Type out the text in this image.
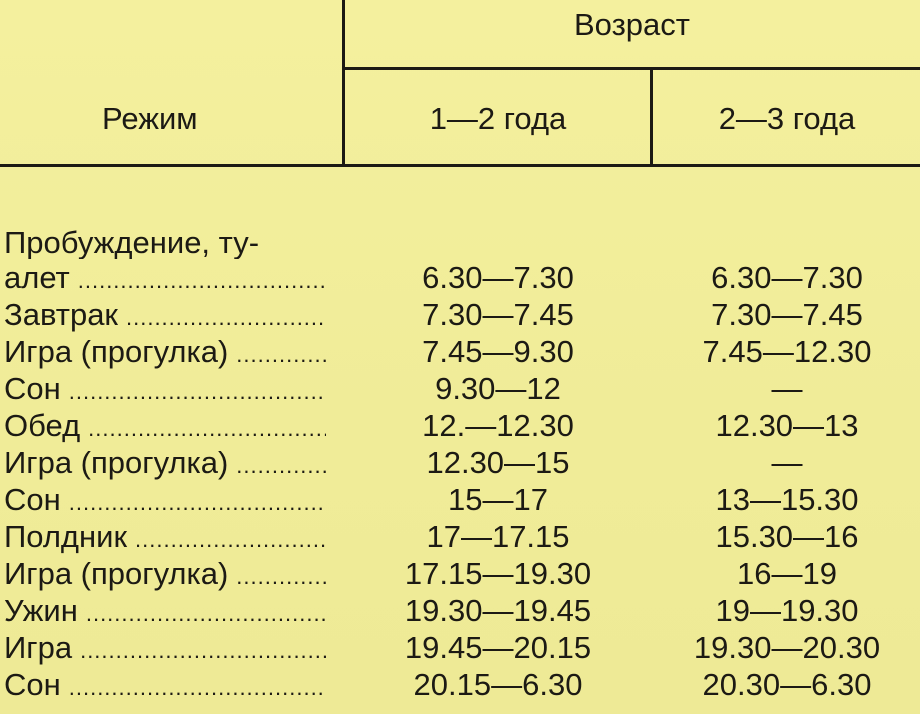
Режим
Возраст
1—2 года	2—3 года
Пробуждение, ту-
алет .....	6.30—7.30	6.30—7.30
Завтрак .....	7.30—7.45	7.30—7.45
Игра (прогулка) .....	7.45—9.30	7.45—12.30
Сон .....	9.30—12	—
Обед .....	12.—12.30	12.30—13
Игра (прогулка) .....	12.30—15	—
Сон .....	15—17	13—15.30
Полдник .....	17—17.15	15.30—16
Игра (прогулка) .....	17.15—19.30	16—19
Ужин .....	19.30—19.45	19—19.30
Игра .....	19.45—20.15	19.30—20.30
Сон .....	20.15—6.30	20.30—6.30
